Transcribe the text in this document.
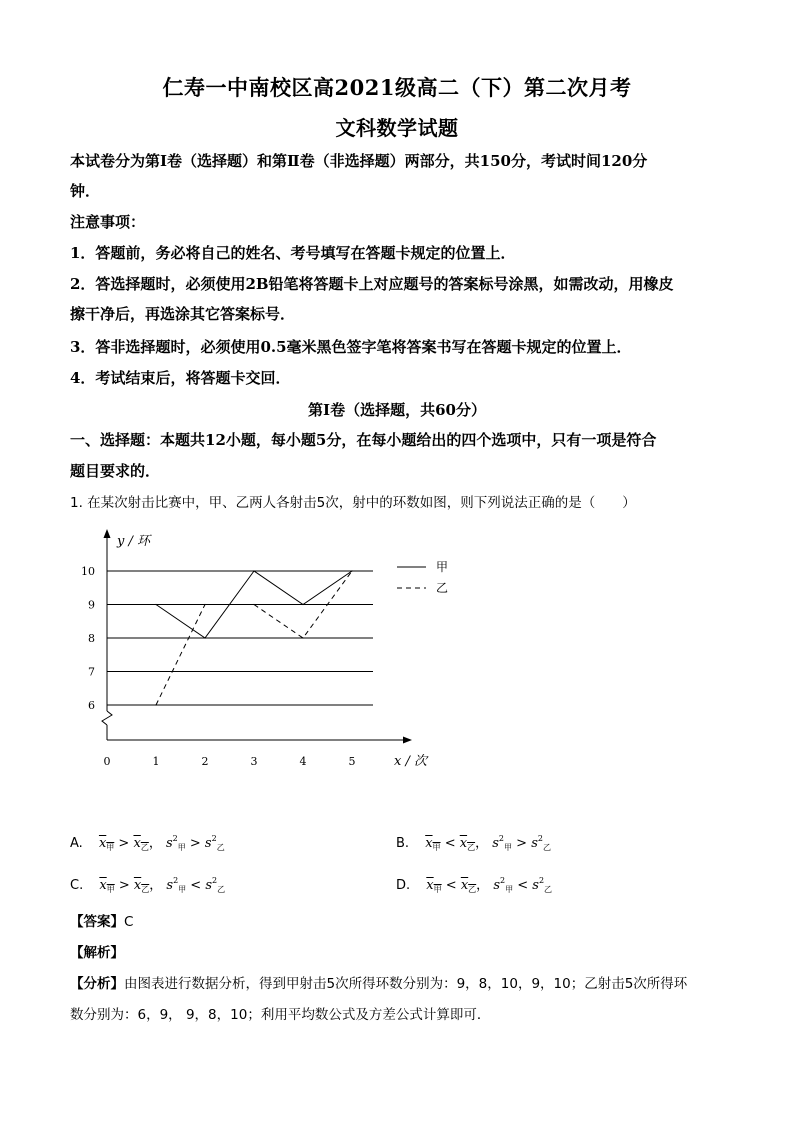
仁寿一中南校区高2021级高二（下）第二次月考
文科数学试题
本试卷分为第Ⅰ卷（选择题）和第Ⅱ卷（非选择题）两部分，共150分，考试时间120分
钟．
注意事项：
1．答题前，务必将自己的姓名、考号填写在答题卡规定的位置上．
2．答选择题时，必须使用2B铅笔将答题卡上对应题号的答案标号涂黑，如需改动，用橡皮
擦干净后，再选涂其它答案标号．
3．答非选择题时，必须使用0.5毫米黑色签字笔将答案书写在答题卡规定的位置上．
4．考试结束后，将答题卡交回．
第Ⅰ卷（选择题，共60分）
一、选择题：本题共12小题，每小题5分，在每小题给出的四个选项中，只有一项是符合
题目要求的．
1. 在某次射击比赛中，甲、乙两人各射击5次，射中的环数如图，则下列说法正确的是（　　）
6
7
8
9
10
0	1	2	3	4	5
y / 环
x / 次
甲
乙
A. $x_甲 > x_乙$， $s^2_甲 > s^2_乙$	B. $x_甲 < x_乙$， $s^2_甲 > s^2_乙$
C. $x_甲 > x_乙$， $s^2_甲 < s^2_乙$	D. $x_甲 < x_乙$， $s^2_甲 < s^2_乙$
【答案】C
【解析】
【分析】由图表进行数据分析，得到甲射击5次所得环数分别为：9，8，10，9，10；乙射击5次所得环
数分别为：6，9， 9，8，10；利用平均数公式及方差公式计算即可．
